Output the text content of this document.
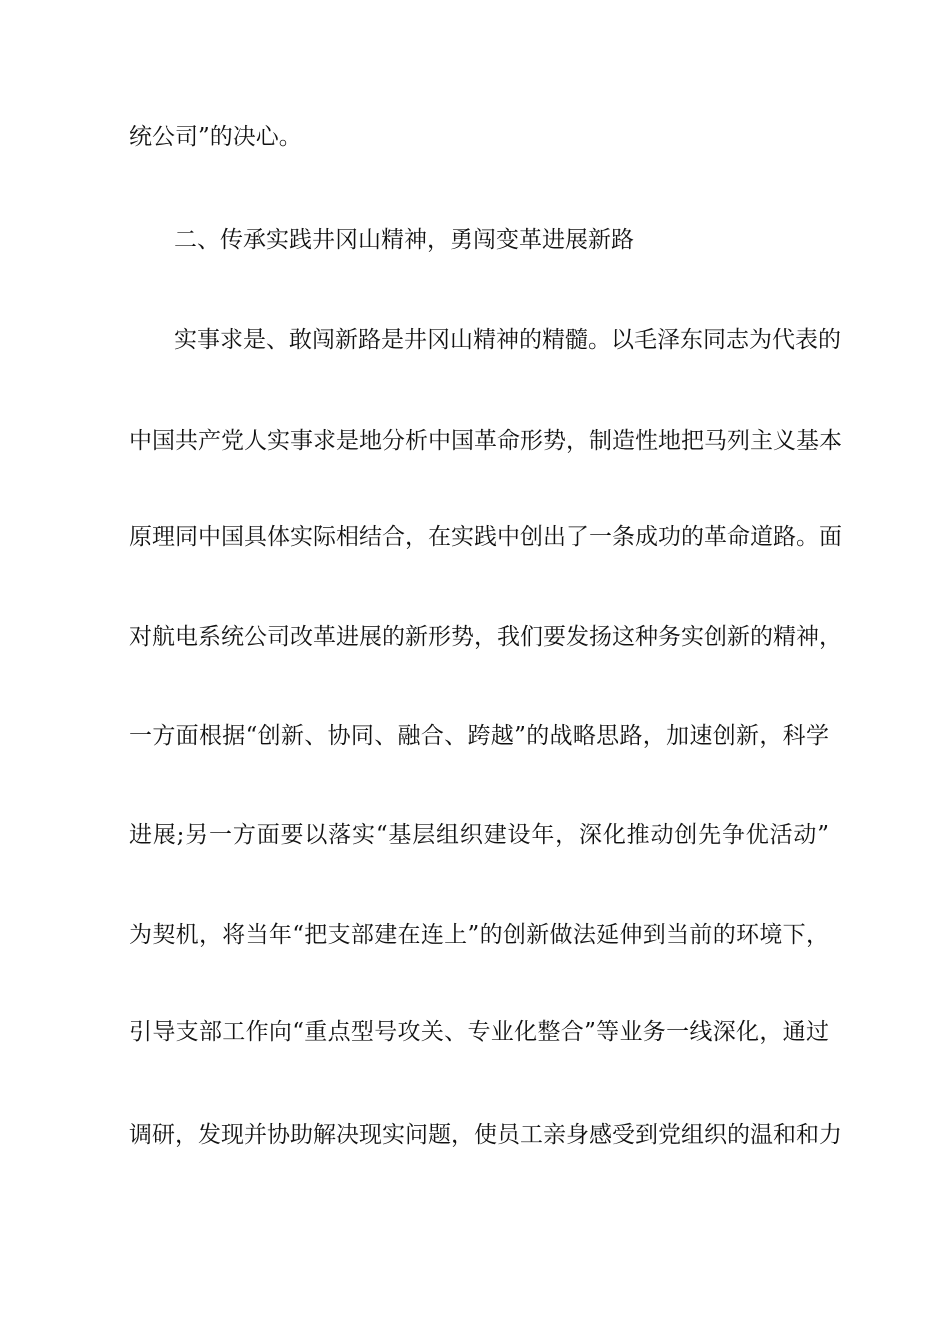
统公司”的决心。
二、传承实践井冈山精神，勇闯变革进展新路
实事求是、敢闯新路是井冈山精神的精髓。以毛泽东同志为代表的
中国共产党人实事求是地分析中国革命形势，制造性地把马列主义基本
原理同中国具体实际相结合，在实践中创出了一条成功的革命道路。面
对航电系统公司改革进展的新形势，我们要发扬这种务实创新的精神，
一方面根据“创新、协同、融合、跨越”的战略思路，加速创新，科学
进展;另一方面要以落实“基层组织建设年，深化推动创先争优活动”
为契机，将当年“把支部建在连上”的创新做法延伸到当前的环境下，
引导支部工作向“重点型号攻关、专业化整合”等业务一线深化，通过
调研，发现并协助解决现实问题，使员工亲身感受到党组织的温和和力
